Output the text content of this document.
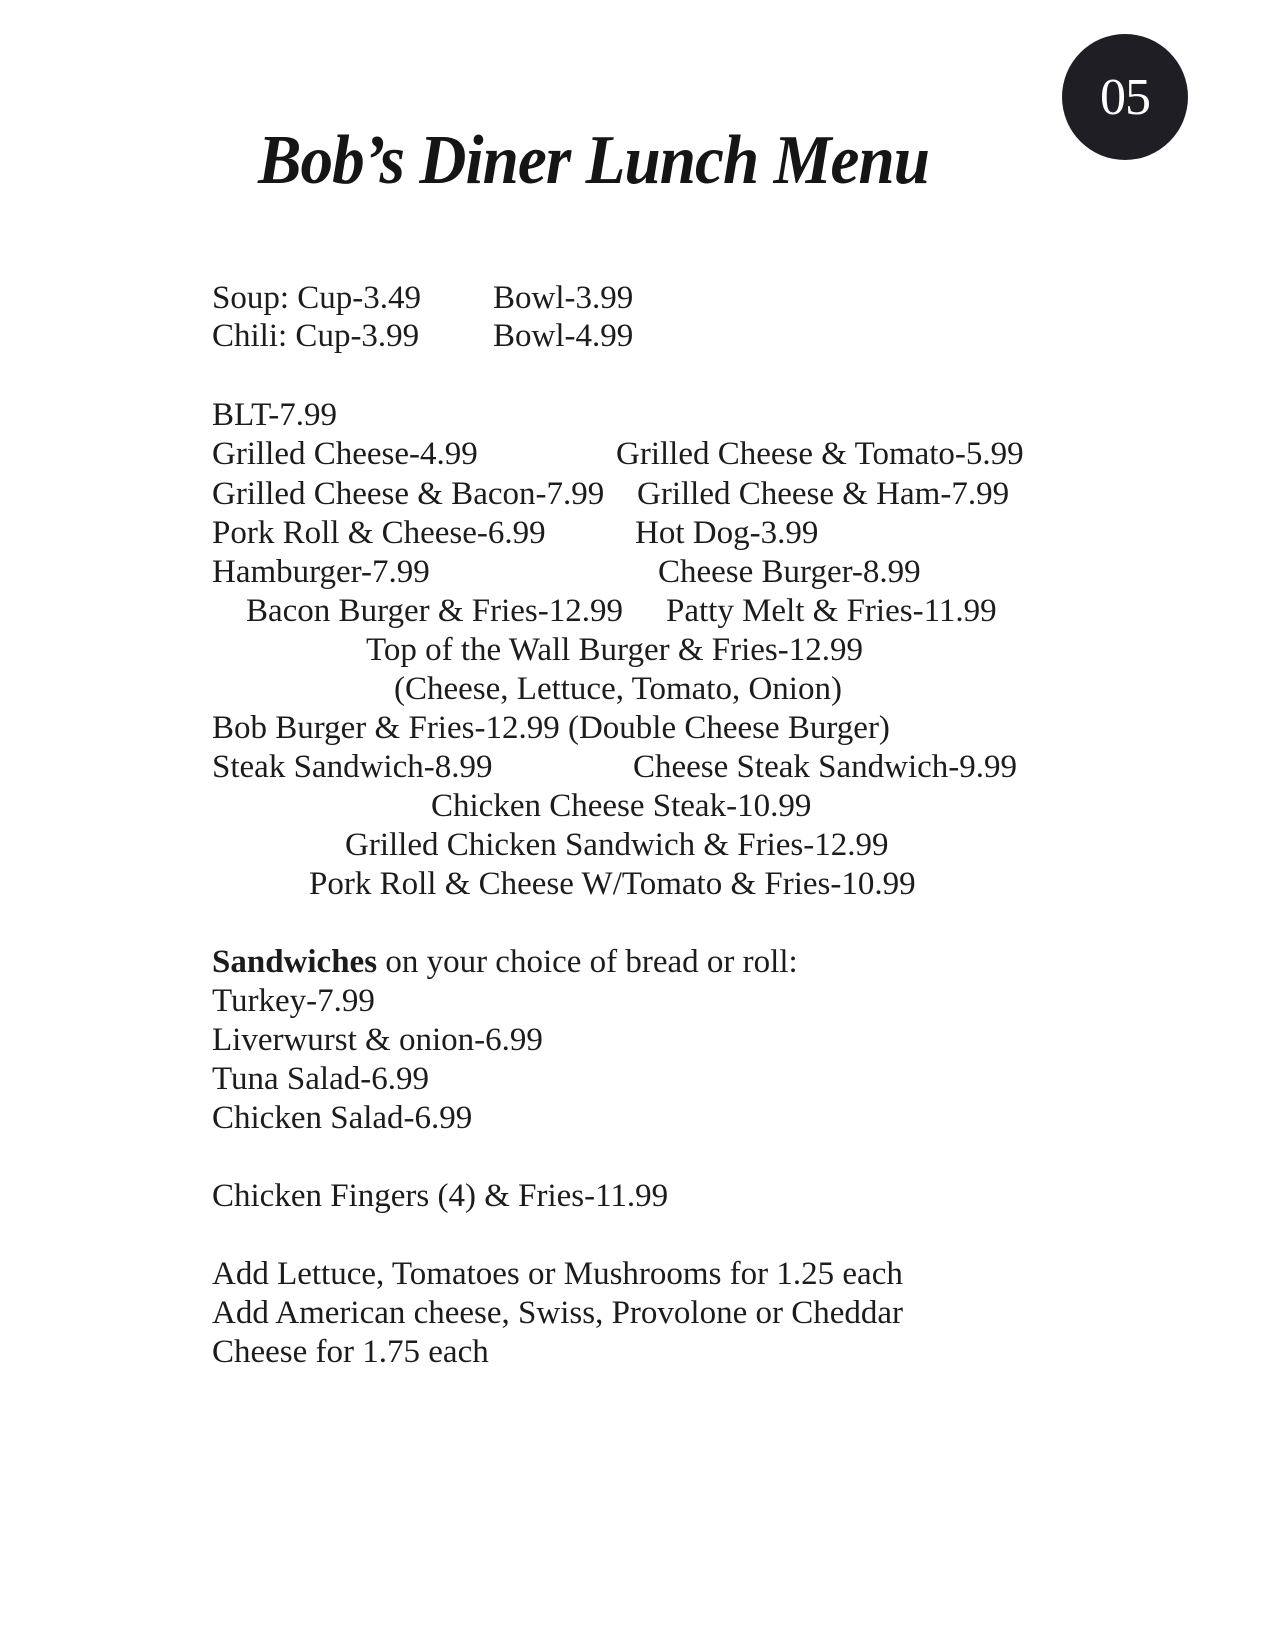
05
Bob’s Diner Lunch Menu
Soup: Cup-3.49 Bowl-3.99
Chili: Cup-3.99 Bowl-4.99
BLT-7.99
Grilled Cheese-4.99	Grilled Cheese & Tomato-5.99
Grilled Cheese & Bacon-7.99 Grilled Cheese & Ham-7.99
Pork Roll & Cheese-6.99	Hot Dog-3.99
Hamburger-7.99	Cheese Burger-8.99
Bacon Burger & Fries-12.99 Patty Melt & Fries-11.99
Top of the Wall Burger & Fries-12.99
(Cheese, Lettuce, Tomato, Onion)
Bob Burger & Fries-12.99 (Double Cheese Burger)
Steak Sandwich-8.99	Cheese Steak Sandwich-9.99
Chicken Cheese Steak-10.99
Grilled Chicken Sandwich & Fries-12.99
Pork Roll & Cheese W/Tomato & Fries-10.99
Sandwiches on your choice of bread or roll:
Turkey-7.99
Liverwurst & onion-6.99
Tuna Salad-6.99
Chicken Salad-6.99
Chicken Fingers (4) & Fries-11.99
Add Lettuce, Tomatoes or Mushrooms for 1.25 each
Add American cheese, Swiss, Provolone or Cheddar
Cheese for 1.75 each
